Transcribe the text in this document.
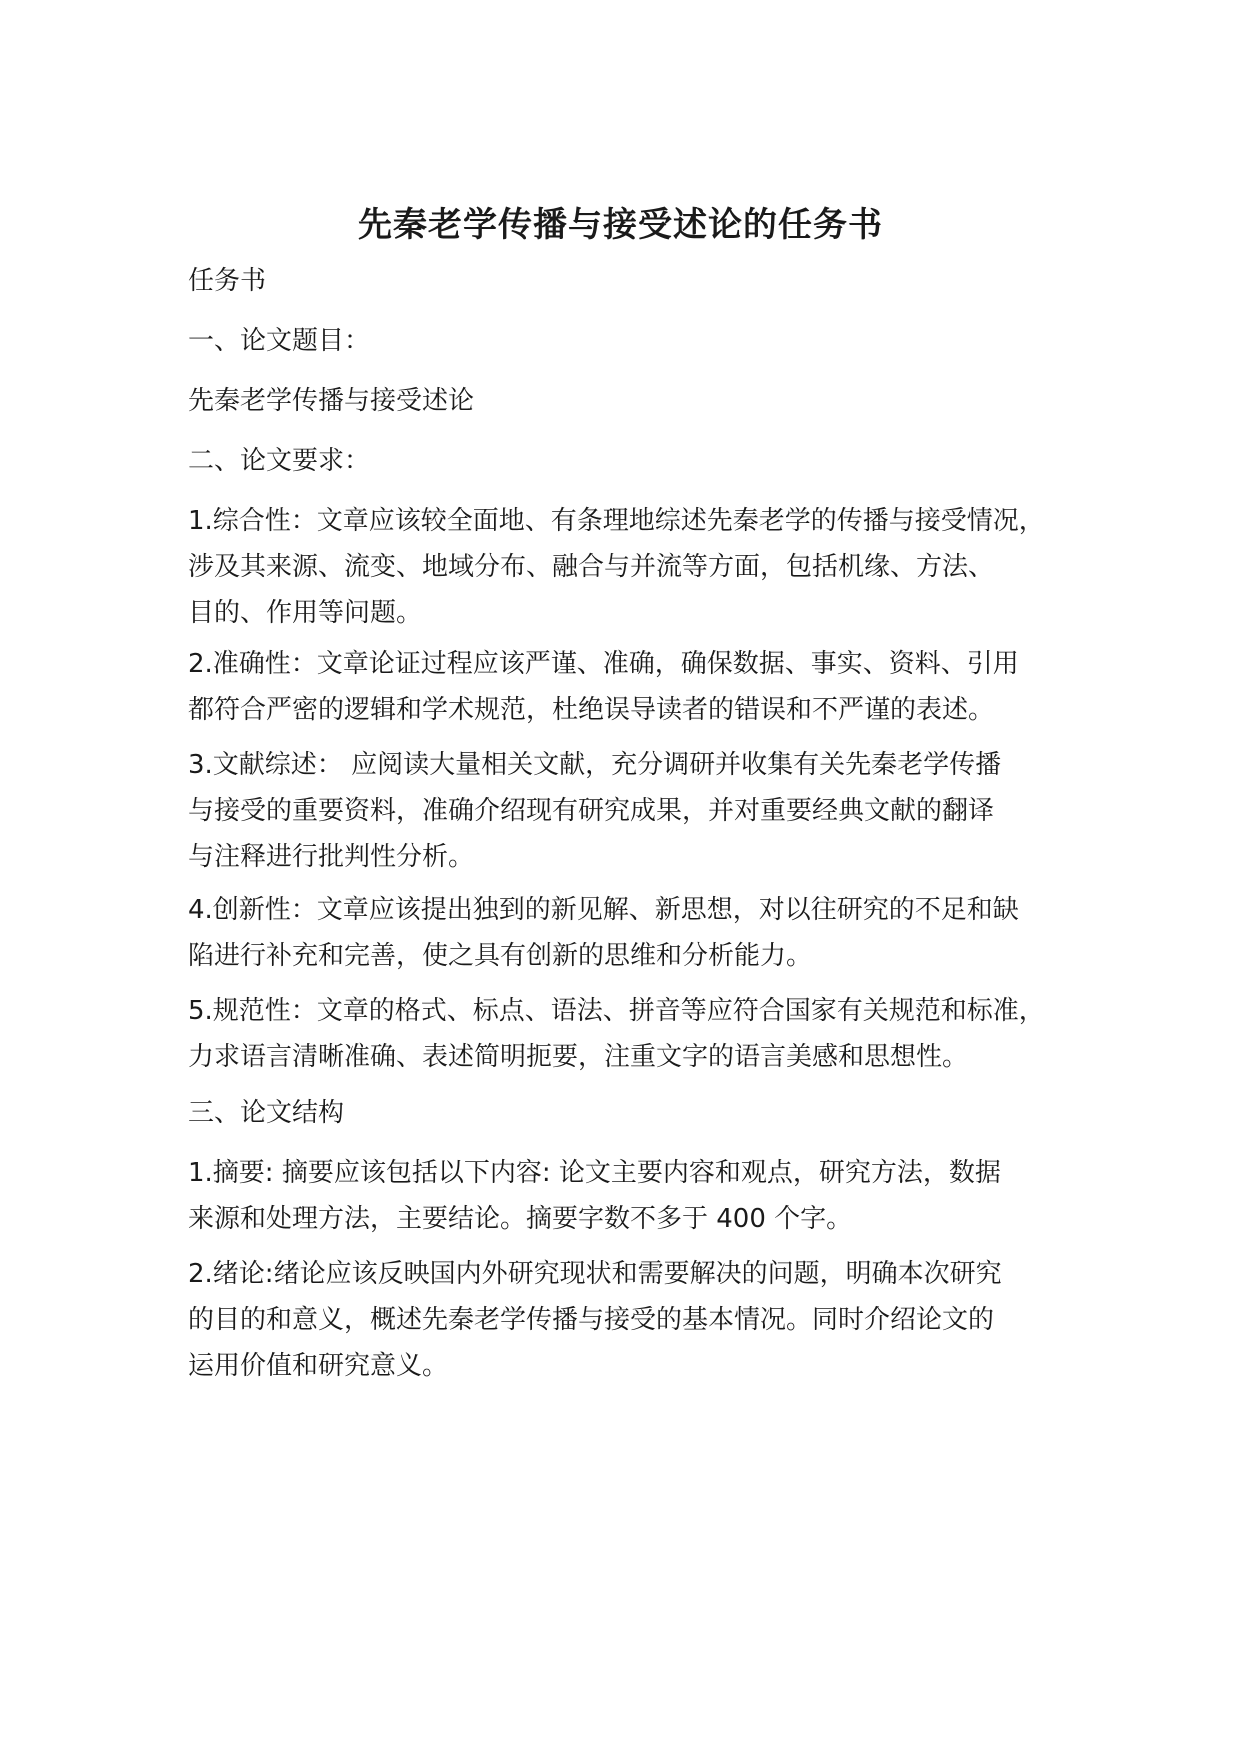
先秦老学传播与接受述论的任务书

任务书

一、论文题目：

先秦老学传播与接受述论

二、论文要求：

1.综合性：文章应该较全面地、有条理地综述先秦老学的传播与接受情况，
涉及其来源、流变、地域分布、融合与并流等方面，包括机缘、方法、
目的、作用等问题。

2.准确性：文章论证过程应该严谨、准确，确保数据、事实、资料、引用
都符合严密的逻辑和学术规范，杜绝误导读者的错误和不严谨的表述。

3.文献综述： 应阅读大量相关文献，充分调研并收集有关先秦老学传播
与接受的重要资料，准确介绍现有研究成果，并对重要经典文献的翻译
与注释进行批判性分析。

4.创新性：文章应该提出独到的新见解、新思想，对以往研究的不足和缺
陷进行补充和完善，使之具有创新的思维和分析能力。

5.规范性：文章的格式、标点、语法、拼音等应符合国家有关规范和标准，
力求语言清晰准确、表述简明扼要，注重文字的语言美感和思想性。

三、论文结构

1.摘要: 摘要应该包括以下内容: 论文主要内容和观点，研究方法，数据
来源和处理方法，主要结论。摘要字数不多于 400 个字。

2.绪论:绪论应该反映国内外研究现状和需要解决的问题，明确本次研究
的目的和意义，概述先秦老学传播与接受的基本情况。同时介绍论文的
运用价值和研究意义。
